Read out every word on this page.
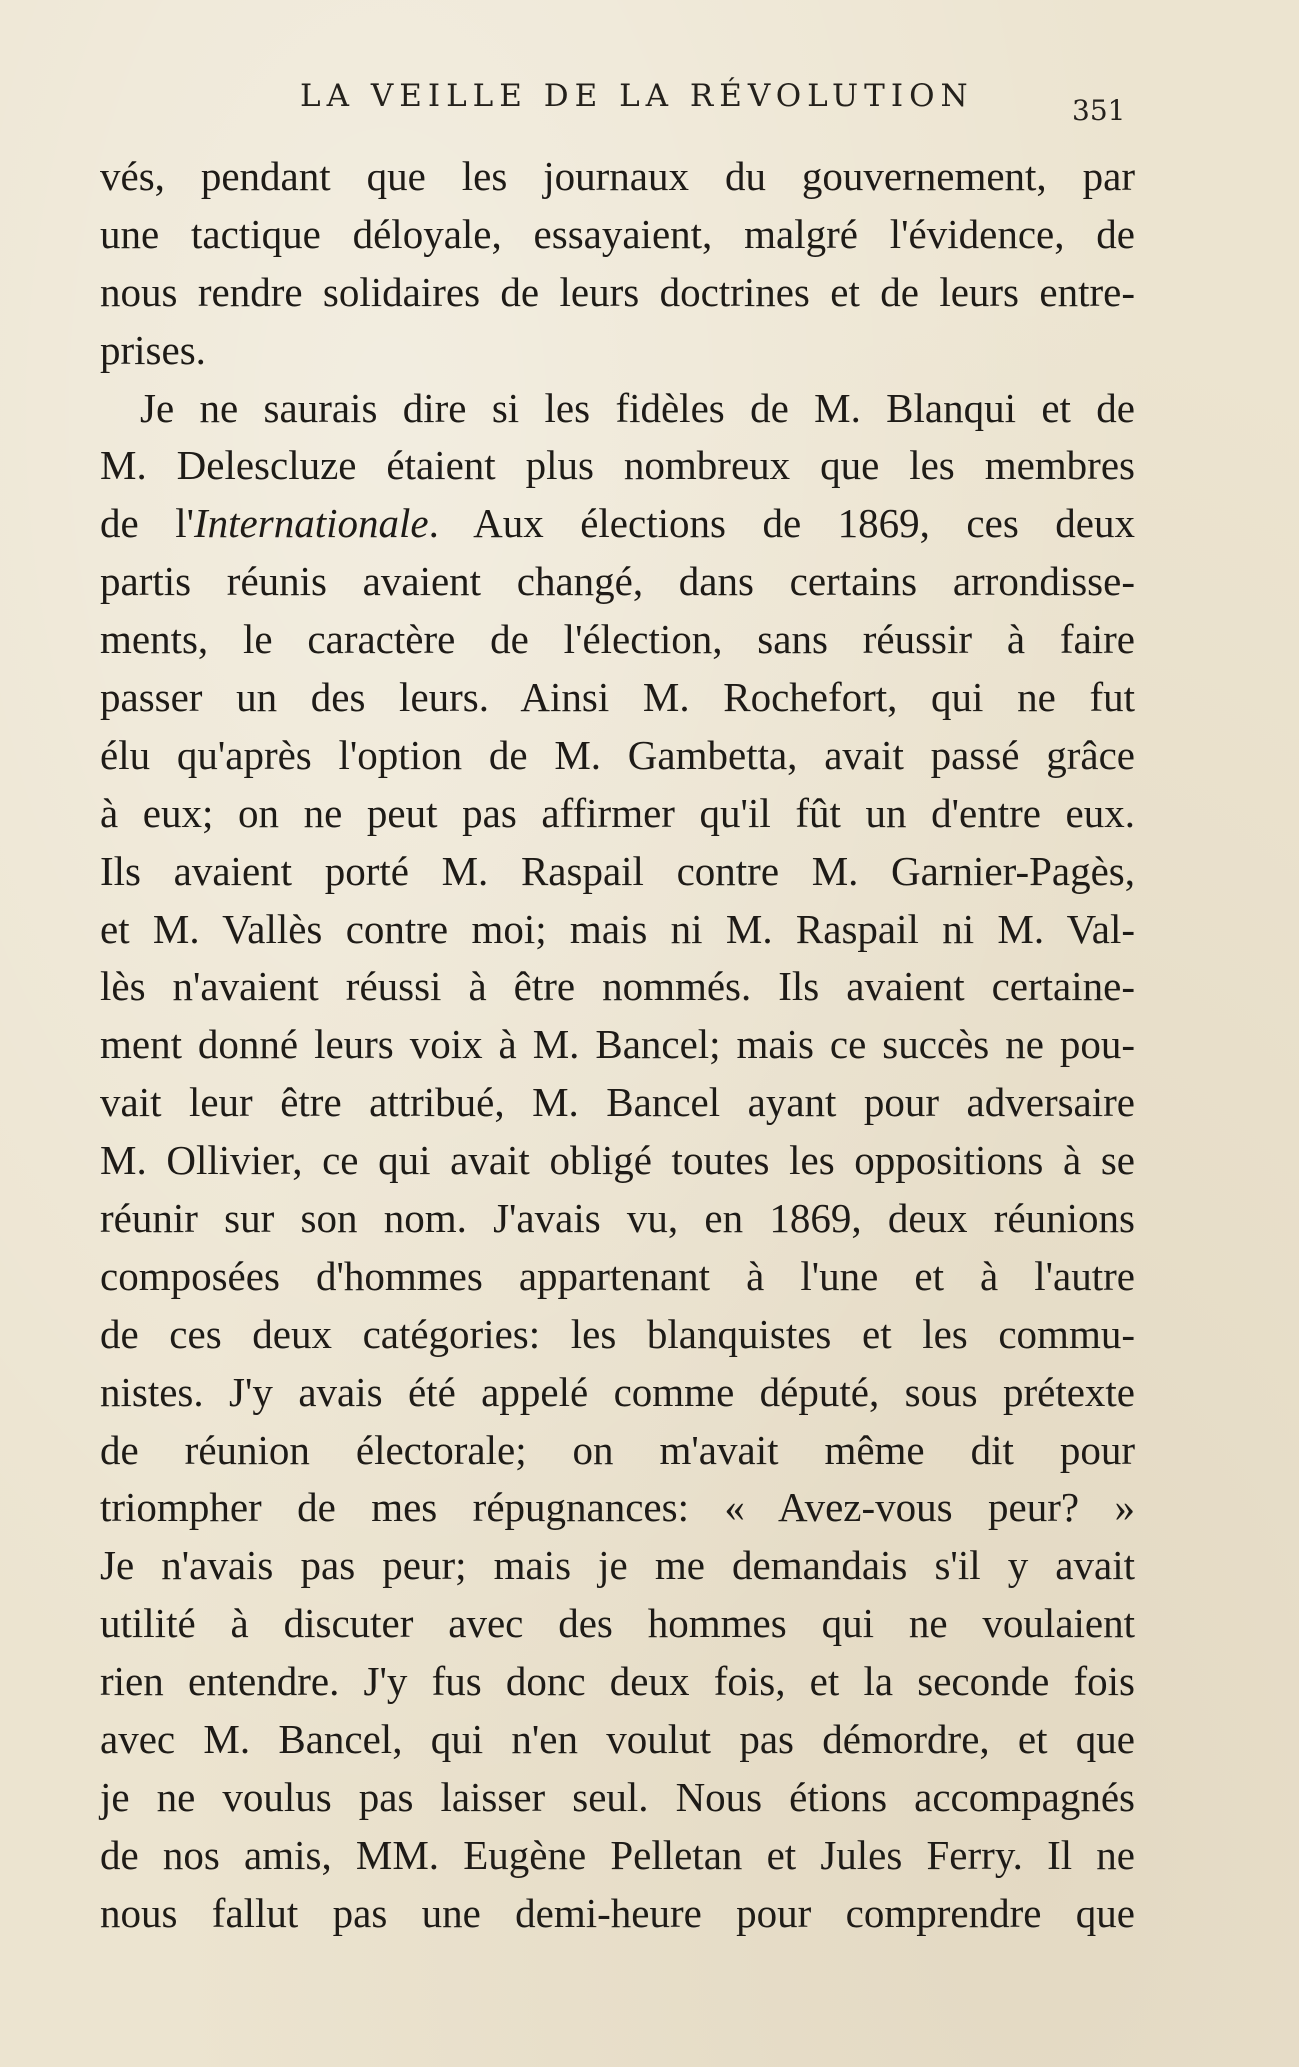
LA VEILLE DE LA RÉVOLUTION	351
vés, pendant que les journaux du gouvernement, par
une tactique déloyale, essayaient, malgré l'évidence, de
nous rendre solidaires de leurs doctrines et de leurs entre-
prises.
Je ne saurais dire si les fidèles de M. Blanqui et de
M. Delescluze étaient plus nombreux que les membres
de l'Internationale. Aux élections de 1869, ces deux
partis réunis avaient changé, dans certains arrondisse-
ments, le caractère de l'élection, sans réussir à faire
passer un des leurs. Ainsi M. Rochefort, qui ne fut
élu qu'après l'option de M. Gambetta, avait passé grâce
à eux; on ne peut pas affirmer qu'il fût un d'entre eux.
Ils avaient porté M. Raspail contre M. Garnier-Pagès,
et M. Vallès contre moi; mais ni M. Raspail ni M. Val-
lès n'avaient réussi à être nommés. Ils avaient certaine-
ment donné leurs voix à M. Bancel; mais ce succès ne pou-
vait leur être attribué, M. Bancel ayant pour adversaire
M. Ollivier, ce qui avait obligé toutes les oppositions à se
réunir sur son nom. J'avais vu, en 1869, deux réunions
composées d'hommes appartenant à l'une et à l'autre
de ces deux catégories: les blanquistes et les commu-
nistes. J'y avais été appelé comme député, sous prétexte
de réunion électorale; on m'avait même dit pour
triompher de mes répugnances: « Avez-vous peur? »
Je n'avais pas peur; mais je me demandais s'il y avait
utilité à discuter avec des hommes qui ne voulaient
rien entendre. J'y fus donc deux fois, et la seconde fois
avec M. Bancel, qui n'en voulut pas démordre, et que
je ne voulus pas laisser seul. Nous étions accompagnés
de nos amis, MM. Eugène Pelletan et Jules Ferry. Il ne
nous fallut pas une demi-heure pour comprendre que
